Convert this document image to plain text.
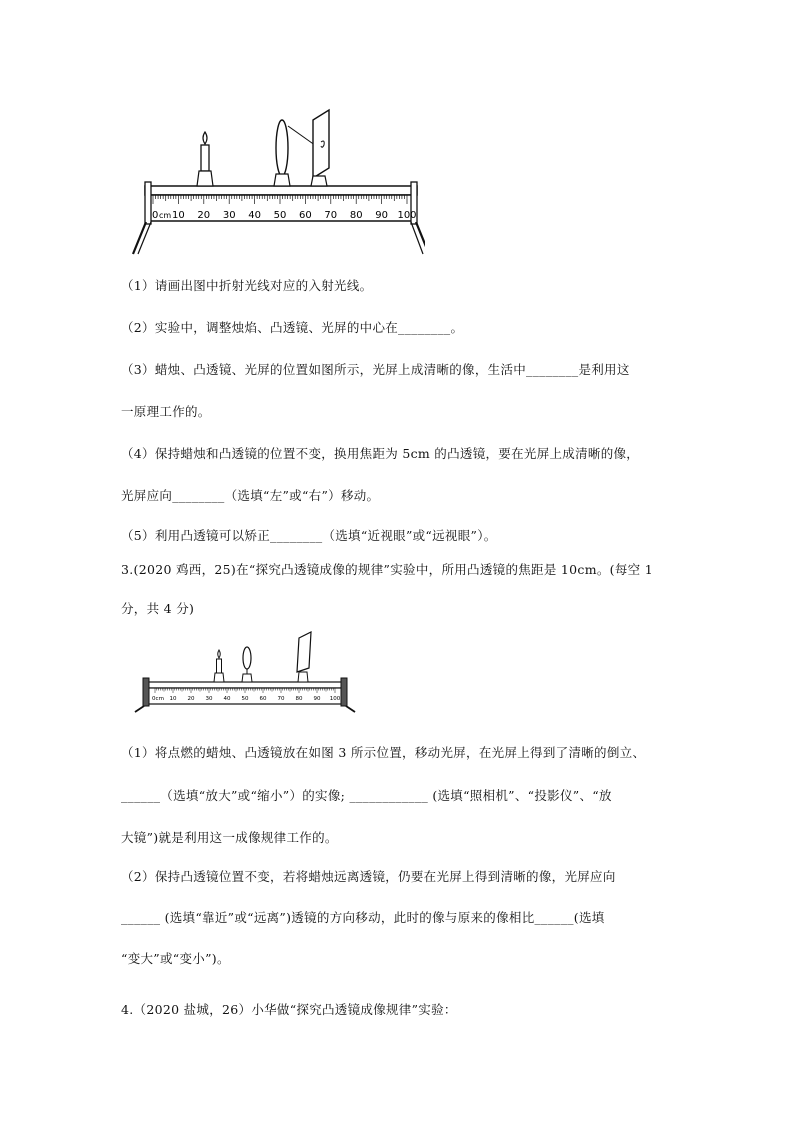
0 cm 10 20 30 40 50 60 70 80 90 100
（1）请画出图中折射光线对应的入射光线。
（2）实验中，调整烛焰、凸透镜、光屏的中心在________。
（3）蜡烛、凸透镜、光屏的位置如图所示，光屏上成清晰的像，生活中________是利用这
一原理工作的。
（4）保持蜡烛和凸透镜的位置不变，换用焦距为 5cm 的凸透镜，要在光屏上成清晰的像，
光屏应向________（选填“左”或“右”）移动。
（5）利用凸透镜可以矫正________（选填“近视眼”或“远视眼”）。
3.(2020 鸡西，25)在“探究凸透镜成像的规律”实验中，所用凸透镜的焦距是 10cm。(每空 1
分，共 4 分)
0cm 10 20 30 40 50 60 70 80 90 100
（1）将点燃的蜡烛、凸透镜放在如图 3 所示位置，移动光屏，在光屏上得到了清晰的倒立、
______（选填“放大”或“缩小”）的实像; ____________ (选填“照相机”、“投影仪”、“放
大镜”)就是利用这一成像规律工作的。
（2）保持凸透镜位置不变，若将蜡烛远离透镜，仍要在光屏上得到清晰的像，光屏应向
______ (选填“靠近”或“远离”)透镜的方向移动，此时的像与原来的像相比______(选填
“变大”或“变小”)。
4.（2020 盐城，26）小华做“探究凸透镜成像规律”实验：
